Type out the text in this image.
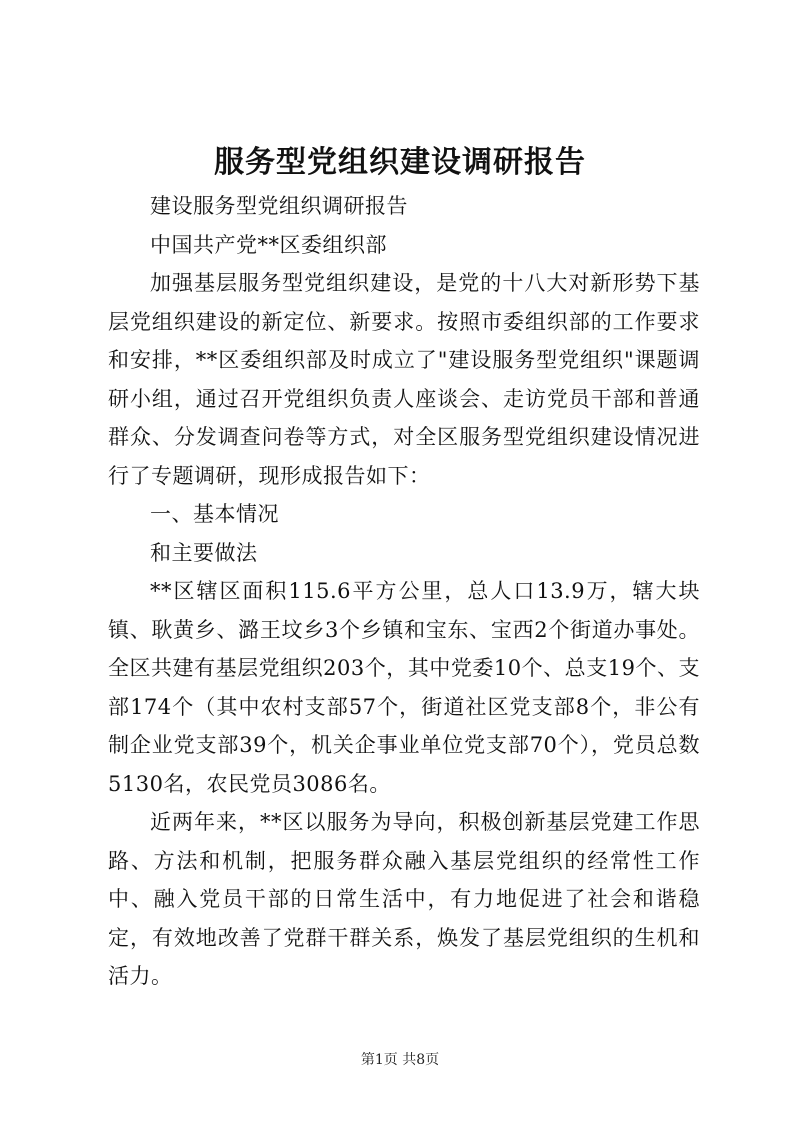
服务型党组织建设调研报告

建设服务型党组织调研报告

中国共产党**区委组织部

加强基层服务型党组织建设，是党的十八大对新形势下基层党组织建设的新定位、新要求。按照市委组织部的工作要求和安排，**区委组织部及时成立了"建设服务型党组织"课题调研小组，通过召开党组织负责人座谈会、走访党员干部和普通群众、分发调查问卷等方式，对全区服务型党组织建设情况进行了专题调研，现形成报告如下：

一、基本情况

和主要做法

**区辖区面积115.6平方公里，总人口13.9万，辖大块镇、耿黄乡、潞王坟乡3个乡镇和宝东、宝西2个街道办事处。全区共建有基层党组织203个，其中党委10个、总支19个、支部174个（其中农村支部57个，街道社区党支部8个，非公有制企业党支部39个，机关企事业单位党支部70个），党员总数5130名，农民党员3086名。

近两年来，**区以服务为导向，积极创新基层党建工作思路、方法和机制，把服务群众融入基层党组织的经常性工作中、融入党员干部的日常生活中，有力地促进了社会和谐稳定，有效地改善了党群干群关系，焕发了基层党组织的生机和活力。

第1页 共8页
